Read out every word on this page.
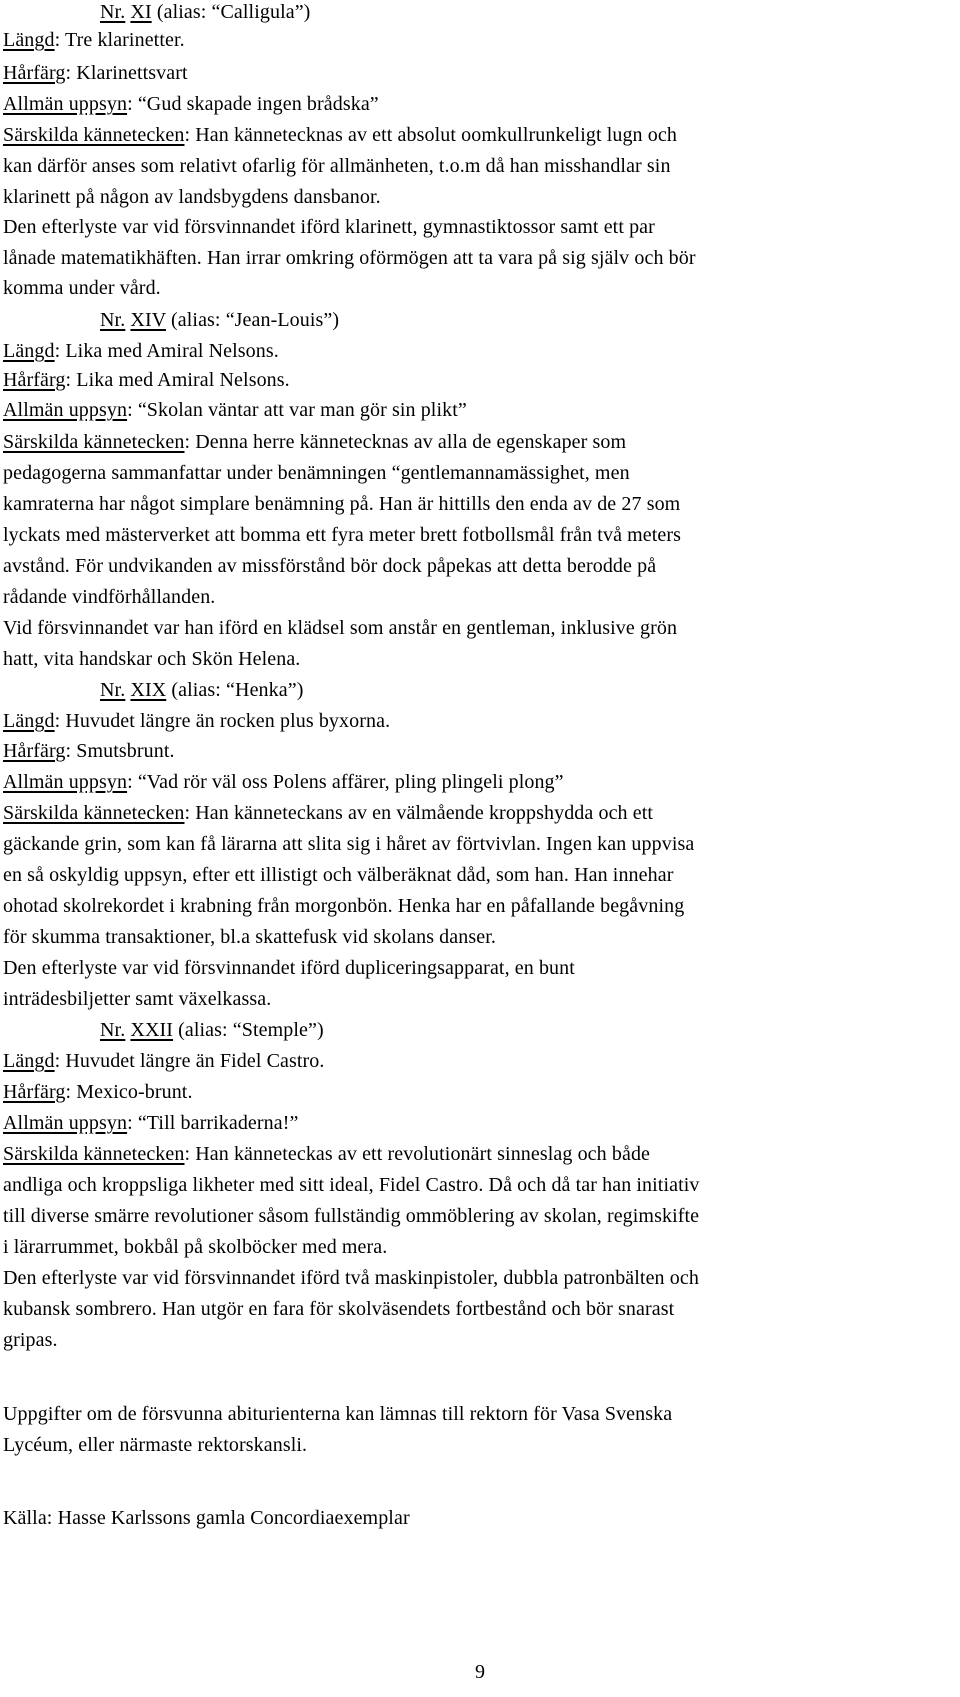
Nr. XI (alias: “Calligula”)
Längd: Tre klarinetter.
Hårfärg: Klarinettsvart
Allmän uppsyn: “Gud skapade ingen brådska”
Särskilda kännetecken: Han kännetecknas av ett absolut oomkullrunkeligt lugn och
kan därför anses som relativt ofarlig för allmänheten, t.o.m då han misshandlar sin
klarinett på någon av landsbygdens dansbanor.
Den efterlyste var vid försvinnandet iförd klarinett, gymnastiktossor samt ett par
lånade matematikhäften. Han irrar omkring oförmögen att ta vara på sig själv och bör
komma under vård.
Nr. XIV (alias: “Jean-Louis”)
Längd: Lika med Amiral Nelsons.
Hårfärg: Lika med Amiral Nelsons.
Allmän uppsyn: “Skolan väntar att var man gör sin plikt”
Särskilda kännetecken: Denna herre kännetecknas av alla de egenskaper som
pedagogerna sammanfattar under benämningen “gentlemannamässighet, men
kamraterna har något simplare benämning på. Han är hittills den enda av de 27 som
lyckats med mästerverket att bomma ett fyra meter brett fotbollsmål från två meters
avstånd. För undvikanden av missförstånd bör dock påpekas att detta berodde på
rådande vindförhållanden.
Vid försvinnandet var han iförd en klädsel som anstår en gentleman, inklusive grön
hatt, vita handskar och Skön Helena.
Nr. XIX (alias: “Henka”)
Längd: Huvudet längre än rocken plus byxorna.
Hårfärg: Smutsbrunt.
Allmän uppsyn: “Vad rör väl oss Polens affärer, pling plingeli plong”
Särskilda kännetecken: Han känneteckans av en välmående kroppshydda och ett
gäckande grin, som kan få lärarna att slita sig i håret av förtvivlan. Ingen kan uppvisa
en så oskyldig uppsyn, efter ett illistigt och välberäknat dåd, som han. Han innehar
ohotad skolrekordet i krabning från morgonbön. Henka har en påfallande begåvning
för skumma transaktioner, bl.a skattefusk vid skolans danser.
Den efterlyste var vid försvinnandet iförd dupliceringsapparat, en bunt
inträdesbiljetter samt växelkassa.
Nr. XXII (alias: “Stemple”)
Längd: Huvudet längre än Fidel Castro.
Hårfärg: Mexico-brunt.
Allmän uppsyn: “Till barrikaderna!”
Särskilda kännetecken: Han känneteckas av ett revolutionärt sinneslag och både
andliga och kroppsliga likheter med sitt ideal, Fidel Castro. Då och då tar han initiativ
till diverse smärre revolutioner såsom fullständig ommöblering av skolan, regimskifte
i lärarrummet, bokbål på skolböcker med mera.
Den efterlyste var vid försvinnandet iförd två maskinpistoler, dubbla patronbälten och
kubansk sombrero. Han utgör en fara för skolväsendets fortbestånd och bör snarast
gripas.
Uppgifter om de försvunna abiturienterna kan lämnas till rektorn för Vasa Svenska
Lycéum, eller närmaste rektorskansli.
Källa: Hasse Karlssons gamla Concordiaexemplar
9
